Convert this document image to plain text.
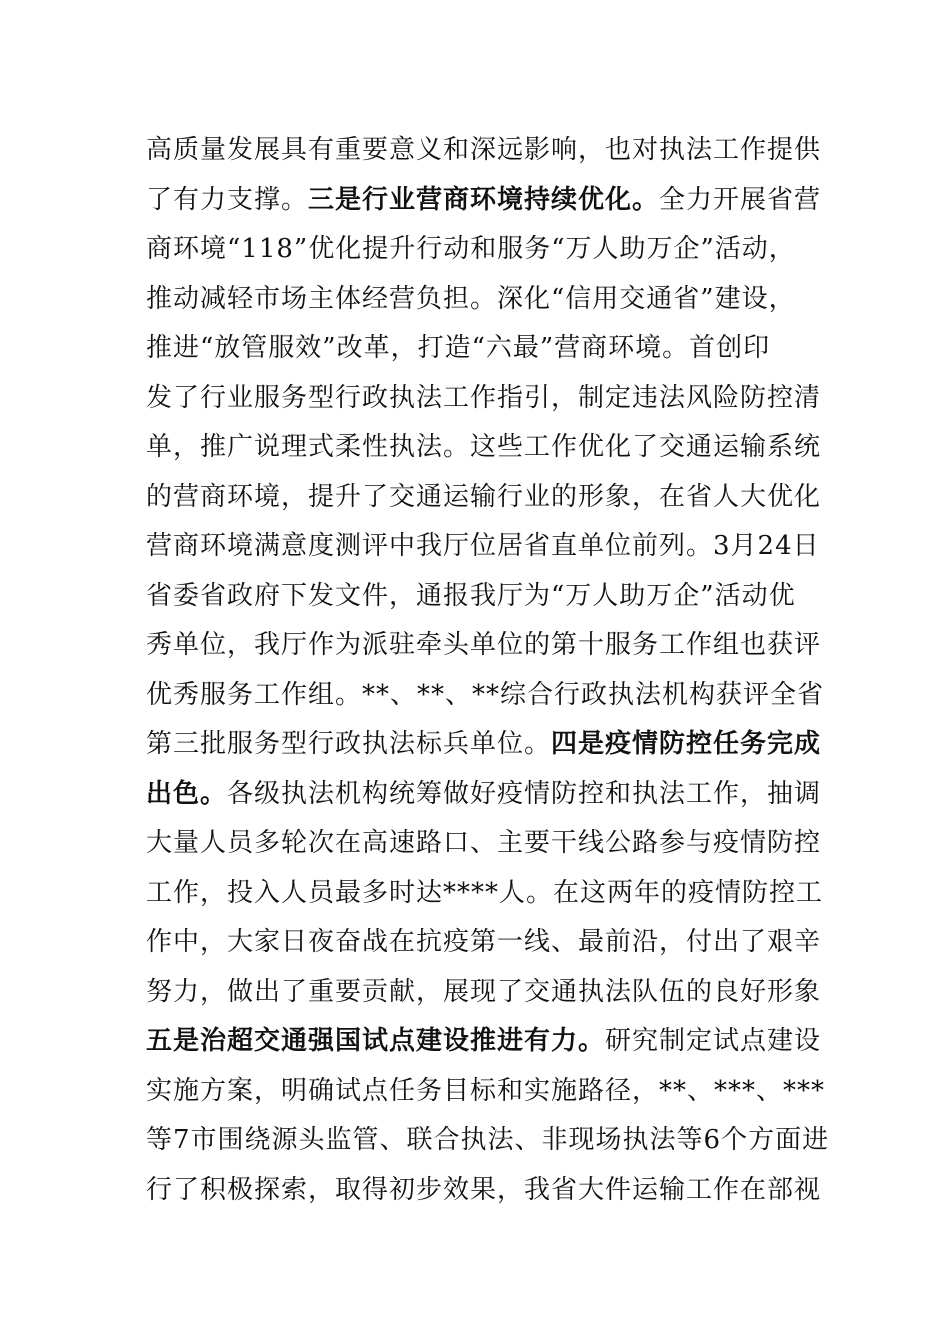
高质量发展具有重要意义和深远影响，也对执法工作提供
了有力支撑。三是行业营商环境持续优化。全力开展省营
商环境“118”优化提升行动和服务“万人助万企”活动，
推动减轻市场主体经营负担。深化“信用交通省”建设，
推进“放管服效”改革，打造“六最”营商环境。首创印
发了行业服务型行政执法工作指引，制定违法风险防控清
单，推广说理式柔性执法。这些工作优化了交通运输系统
的营商环境，提升了交通运输行业的形象，在省人大优化
营商环境满意度测评中我厅位居省直单位前列。3月24日
省委省政府下发文件，通报我厅为“万人助万企”活动优
秀单位，我厅作为派驻牵头单位的第十服务工作组也获评
优秀服务工作组。**、**、**综合行政执法机构获评全省
第三批服务型行政执法标兵单位。四是疫情防控任务完成
出色。各级执法机构统筹做好疫情防控和执法工作，抽调
大量人员多轮次在高速路口、主要干线公路参与疫情防控
工作，投入人员最多时达****人。在这两年的疫情防控工
作中，大家日夜奋战在抗疫第一线、最前沿，付出了艰辛
努力，做出了重要贡献，展现了交通执法队伍的良好形象
五是治超交通强国试点建设推进有力。研究制定试点建设
实施方案，明确试点任务目标和实施路径，**、***、***
等7市围绕源头监管、联合执法、非现场执法等6个方面进
行了积极探索，取得初步效果，我省大件运输工作在部视
